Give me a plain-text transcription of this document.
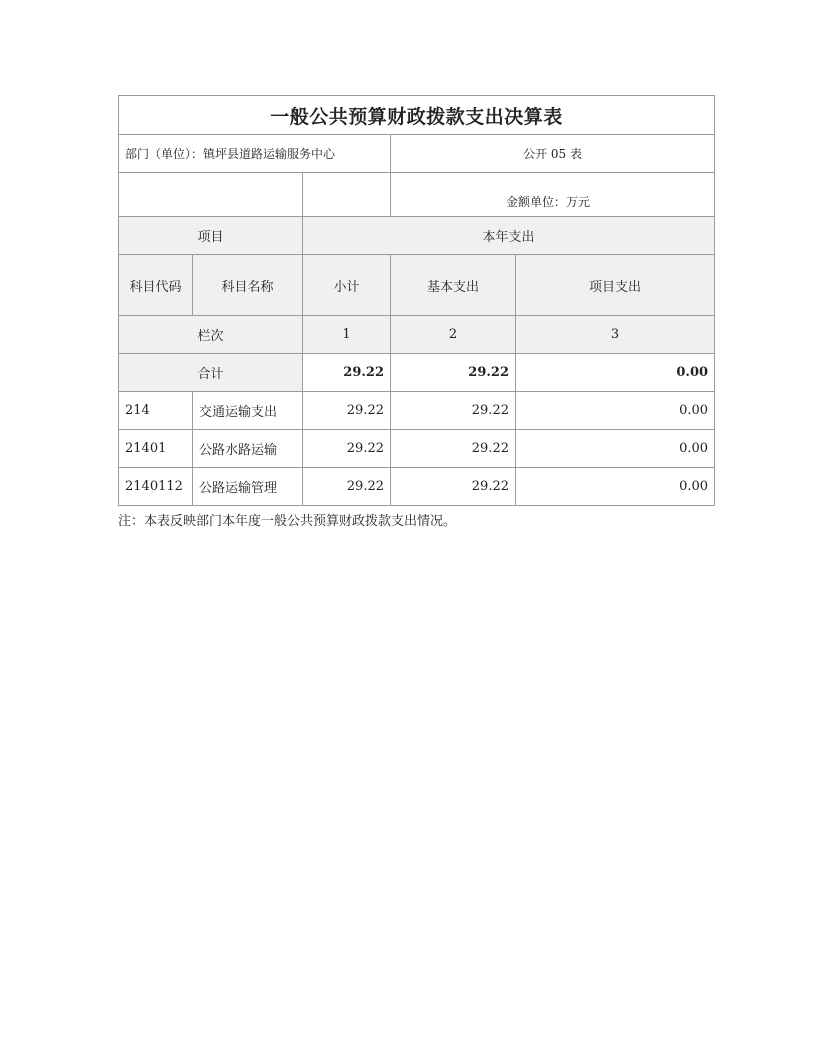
一般公共预算财政拨款支出决算表				
部门（单位）：镇坪县道路运输服务中心			公开 05 表	
			金额单位：万元	
项目		本年支出		
科目代码	科目名称	小计	基本支出	项目支出
栏次		1	2	3
合计		29.22	29.22	0.00
214	交通运输支出	29.22	29.22	0.00
21401	公路水路运输	29.22	29.22	0.00
2140112	公路运输管理	29.22	29.22	0.00
注：本表反映部门本年度一般公共预算财政拨款支出情况。
